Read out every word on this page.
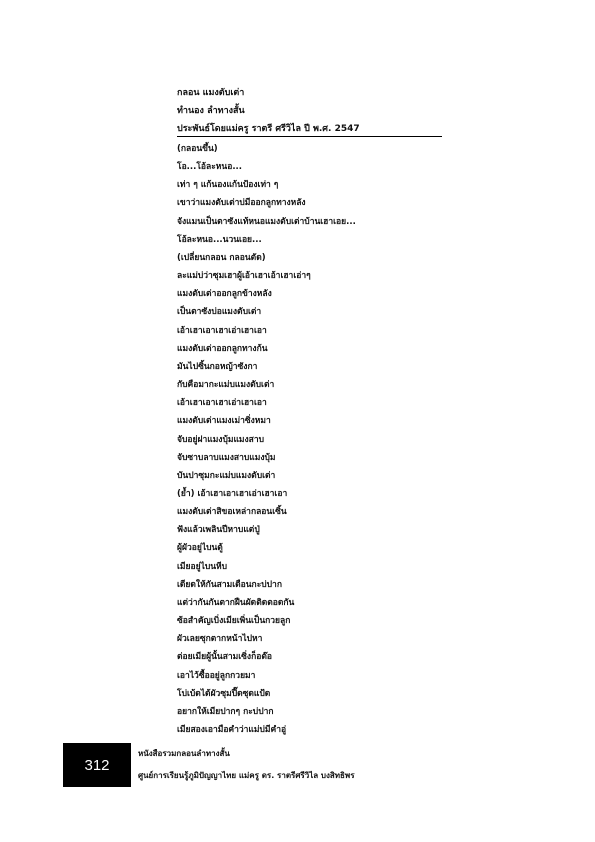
กลอน แมงตับเต่า
ทำนอง ลำทางสั้น
ประพันธ์โดยแม่ครู ราตรี ศรีวิไล ปี พ.ศ. 2547
(กลอนขึ้น)
โอ...โอ้ละหนอ...
เท่า ๆ แก้นองแก้นป้องเท่า ๆ
เขาว่าแมงตับเต่าบ่มีออกลูกทางหลัง
จังแมนเป็นตาซังแท้หนอแมงตับเต่าบ้านเฮาเอย...
โอ้ละหนอ...นวนเอย...
(เปลี่ยนกลอน กลอนตัด)
ละแม่บ่ว่าซุมเฮาผู้เอ้าเฮาเอ้าเฮาเอ่าๆ
แมงตับเต่าออกลูกข้างหลัง
เป็นตาซังบ่อแมงตับเต่า
เอ้าเฮาเอาเฮาเอ่าเฮาเอา
แมงตับเต่าออกลูกทางก้น
มันไปซิ้นกอหญ้าซังกา
กับคือมากะแม่บแมงตับเต่า
เอ้าเฮาเอาเฮาเอ่าเฮาเอา
แมงตับเต่าแมงเม่าซิ่งหมา
จับอยู่ฝาแมงบุ้มแมงสาบ
จับซาบลาบแมงสาบแมงบุ้ม
บันปาซุมกะแม่บแมงตับเต่า
(ย้ำ) เอ้าเฮาเอาเฮาเอ่าเฮาเอา
แมงตับเต่าสิขอเหล่ากลอนเซิ้น
ฟังแล้วเพลินปีหาบแต่ปู่
ผู้ผัวอยู่ไบนตู้
เมียอยู่ไบนหีบ
เดียดให้กันสามเดือนกะบ่ปาก
แต่ว่ากันกันตากฝืนผัดติดตอดกัน
ซ้อสำคัญเบิ่งเมียเพิ่นเป็นกวยลูก
ผัวเลยซุกตากหน้าไปหา
ต่อยเมียผู้นั้นสามเซิ่งก็อต๊อ
เอาไว้ซื้ออยู่ลูกกวยมา
โบ่เบ้ดได้ผัวซุมปี๊ดซุดแป้ด
อยากให้เมียปากๆ กะบ่ปาก
เมียสองเอามือคำว่าแม่บ่มีคำอู่
312
หนังสือรวมกลอนลำทางสั้น
ศูนย์การเรียนรู้ภูมิปัญญาไทย แม่ครู ดร. ราตรีศรีวิไล บงสิทธิพร
